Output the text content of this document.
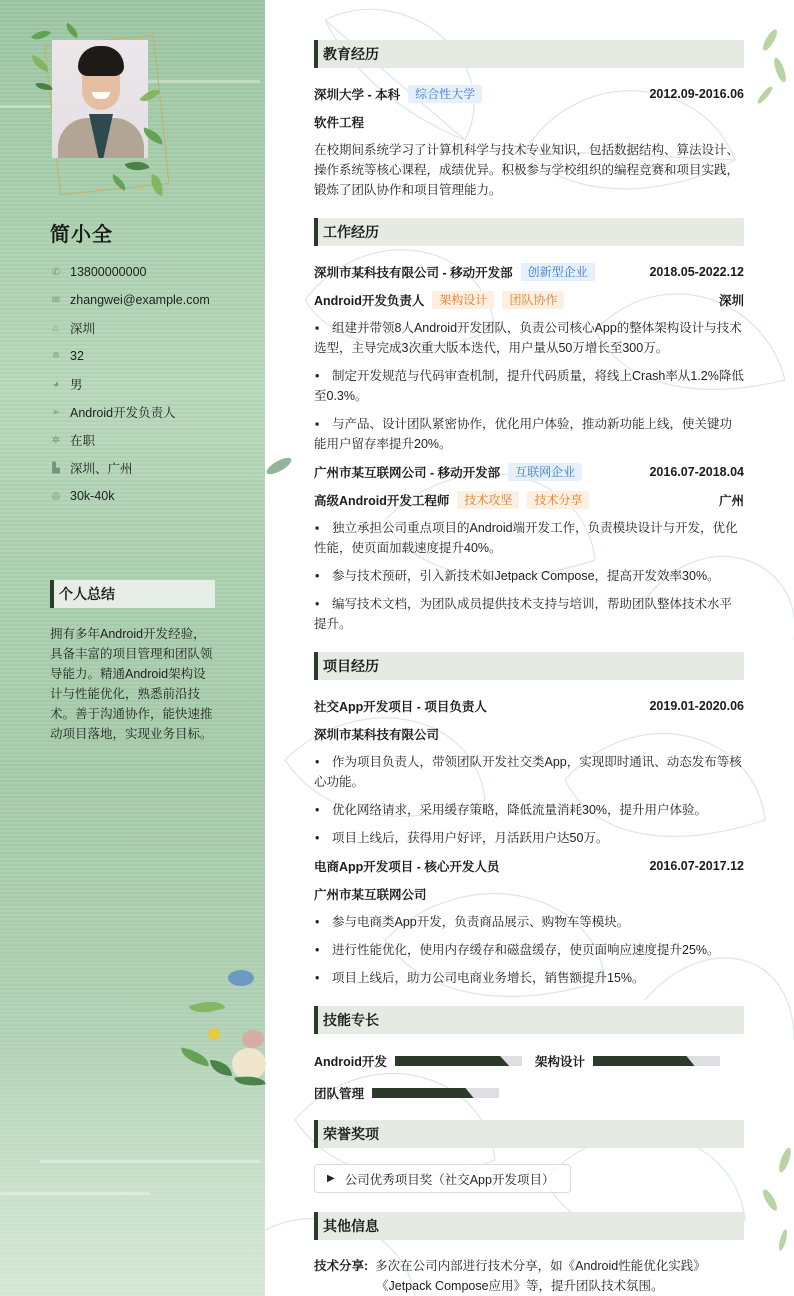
简小全
✆ 13800000000
✉ zhangwei@example.com
⌂ 深圳
≘ 32
◕ 男
➢ Android开发负责人
✲ 在职
▙ 深圳、广州
◎ 30k-40k
个人总结
拥有多年Android开发经验，具备丰富的项目管理和团队领导能力。精通Android架构设计与性能优化，熟悉前沿技术。善于沟通协作，能快速推动项目落地，实现业务目标。
教育经历
深圳大学 - 本科	综合性大学	2012.09-2016.06
软件工程
在校期间系统学习了计算机科学与技术专业知识，包括数据结构、算法设计、操作系统等核心课程，成绩优异。积极参与学校组织的编程竞赛和项目实践，锻炼了团队协作和项目管理能力。
工作经历
深圳市某科技有限公司 - 移动开发部	创新型企业	2018.05-2022.12
Android开发负责人	架构设计	团队协作	深圳
▪ 组建并带领8人Android开发团队，负责公司核心App的整体架构设计与技术选型，主导完成3次重大版本迭代，用户量从50万增长至300万。
• 制定开发规范与代码审查机制，提升代码质量，将线上Crash率从1.2%降低至0.3%。
▪ 与产品、设计团队紧密协作，优化用户体验，推动新功能上线，使关键功能用户留存率提升20%。
广州市某互联网公司 - 移动开发部	互联网企业	2016.07-2018.04
高级Android开发工程师	技术攻坚	技术分享	广州
▪ 独立承担公司重点项目的Android端开发工作，负责模块设计与开发，优化性能，使页面加载速度提升40%。
• 参与技术预研，引入新技术如Jetpack Compose，提高开发效率30%。
• 编写技术文档，为团队成员提供技术支持与培训，帮助团队整体技术水平提升。
项目经历
社交App开发项目 - 项目负责人	2019.01-2020.06
深圳市某科技有限公司
• 作为项目负责人，带领团队开发社交类App，实现即时通讯、动态发布等核心功能。
• 优化网络请求，采用缓存策略，降低流量消耗30%，提升用户体验。
• 项目上线后，获得用户好评，月活跃用户达50万。
电商App开发项目 - 核心开发人员	2016.07-2017.12
广州市某互联网公司
• 参与电商类App开发，负责商品展示、购物车等模块。
• 进行性能优化，使用内存缓存和磁盘缓存，使页面响应速度提升25%。
• 项目上线后，助力公司电商业务增长，销售额提升15%。
技能专长
Android开发	架构设计
团队管理
荣誉奖项
▶ 公司优秀项目奖（社交App开发项目）
其他信息
技术分享: 多次在公司内部进行技术分享，如《Android性能优化实践》
《Jetpack Compose应用》等，提升团队技术氛围。
